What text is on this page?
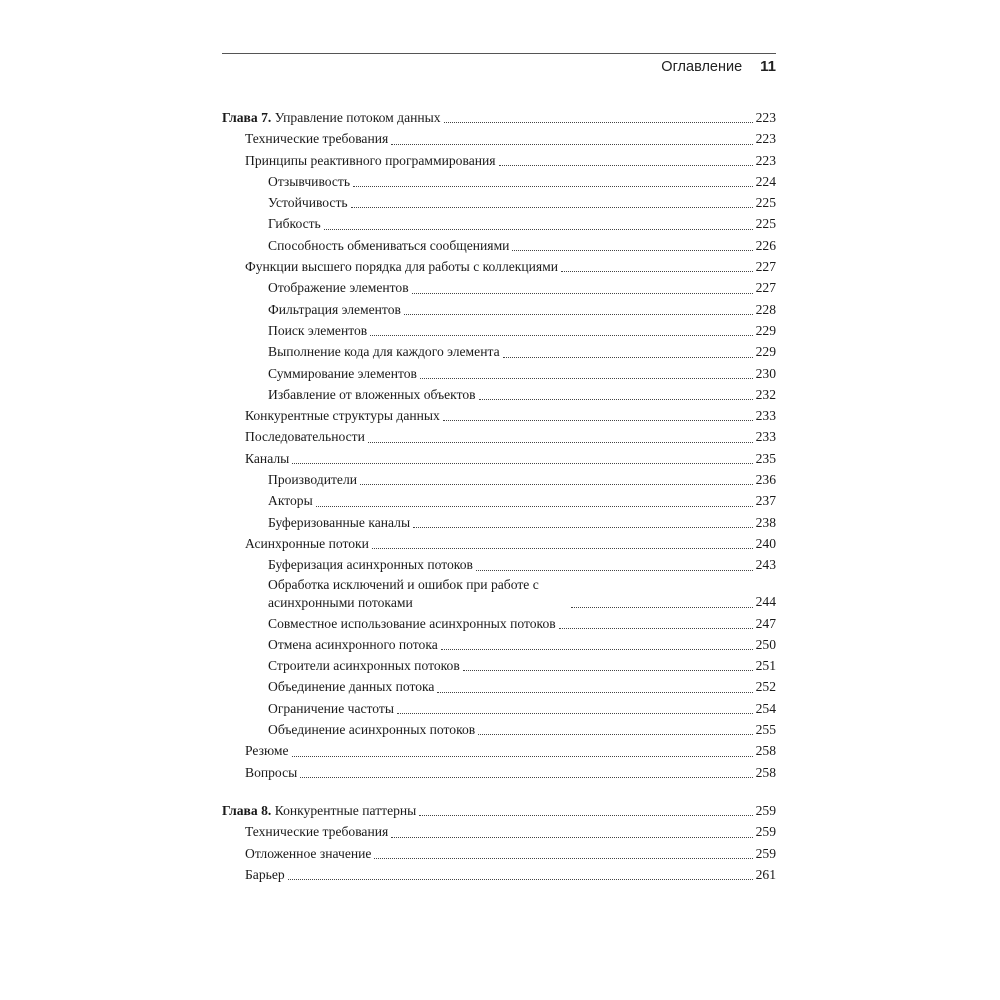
Оглавление 11
Глава 7. Управление потоком данных	223
Технические требования	223
Принципы реактивного программирования	223
Отзывчивость	224
Устойчивость	225
Гибкость	225
Способность обмениваться сообщениями	226
Функции высшего порядка для работы с коллекциями	227
Отображение элементов	227
Фильтрация элементов	228
Поиск элементов	229
Выполнение кода для каждого элемента	229
Суммирование элементов	230
Избавление от вложенных объектов	232
Конкурентные структуры данных	233
Последовательности	233
Каналы	235
Производители	236
Акторы	237
Буферизованные каналы	238
Асинхронные потоки	240
Буферизация асинхронных потоков	243
Обработка исключений и ошибок при работе с асинхронными потоками	244
Совместное использование асинхронных потоков	247
Отмена асинхронного потока	250
Строители асинхронных потоков	251
Объединение данных потока	252
Ограничение частоты	254
Объединение асинхронных потоков	255
Резюме	258
Вопросы	258
Глава 8. Конкурентные паттерны	259
Технические требования	259
Отложенное значение	259
Барьер	261
